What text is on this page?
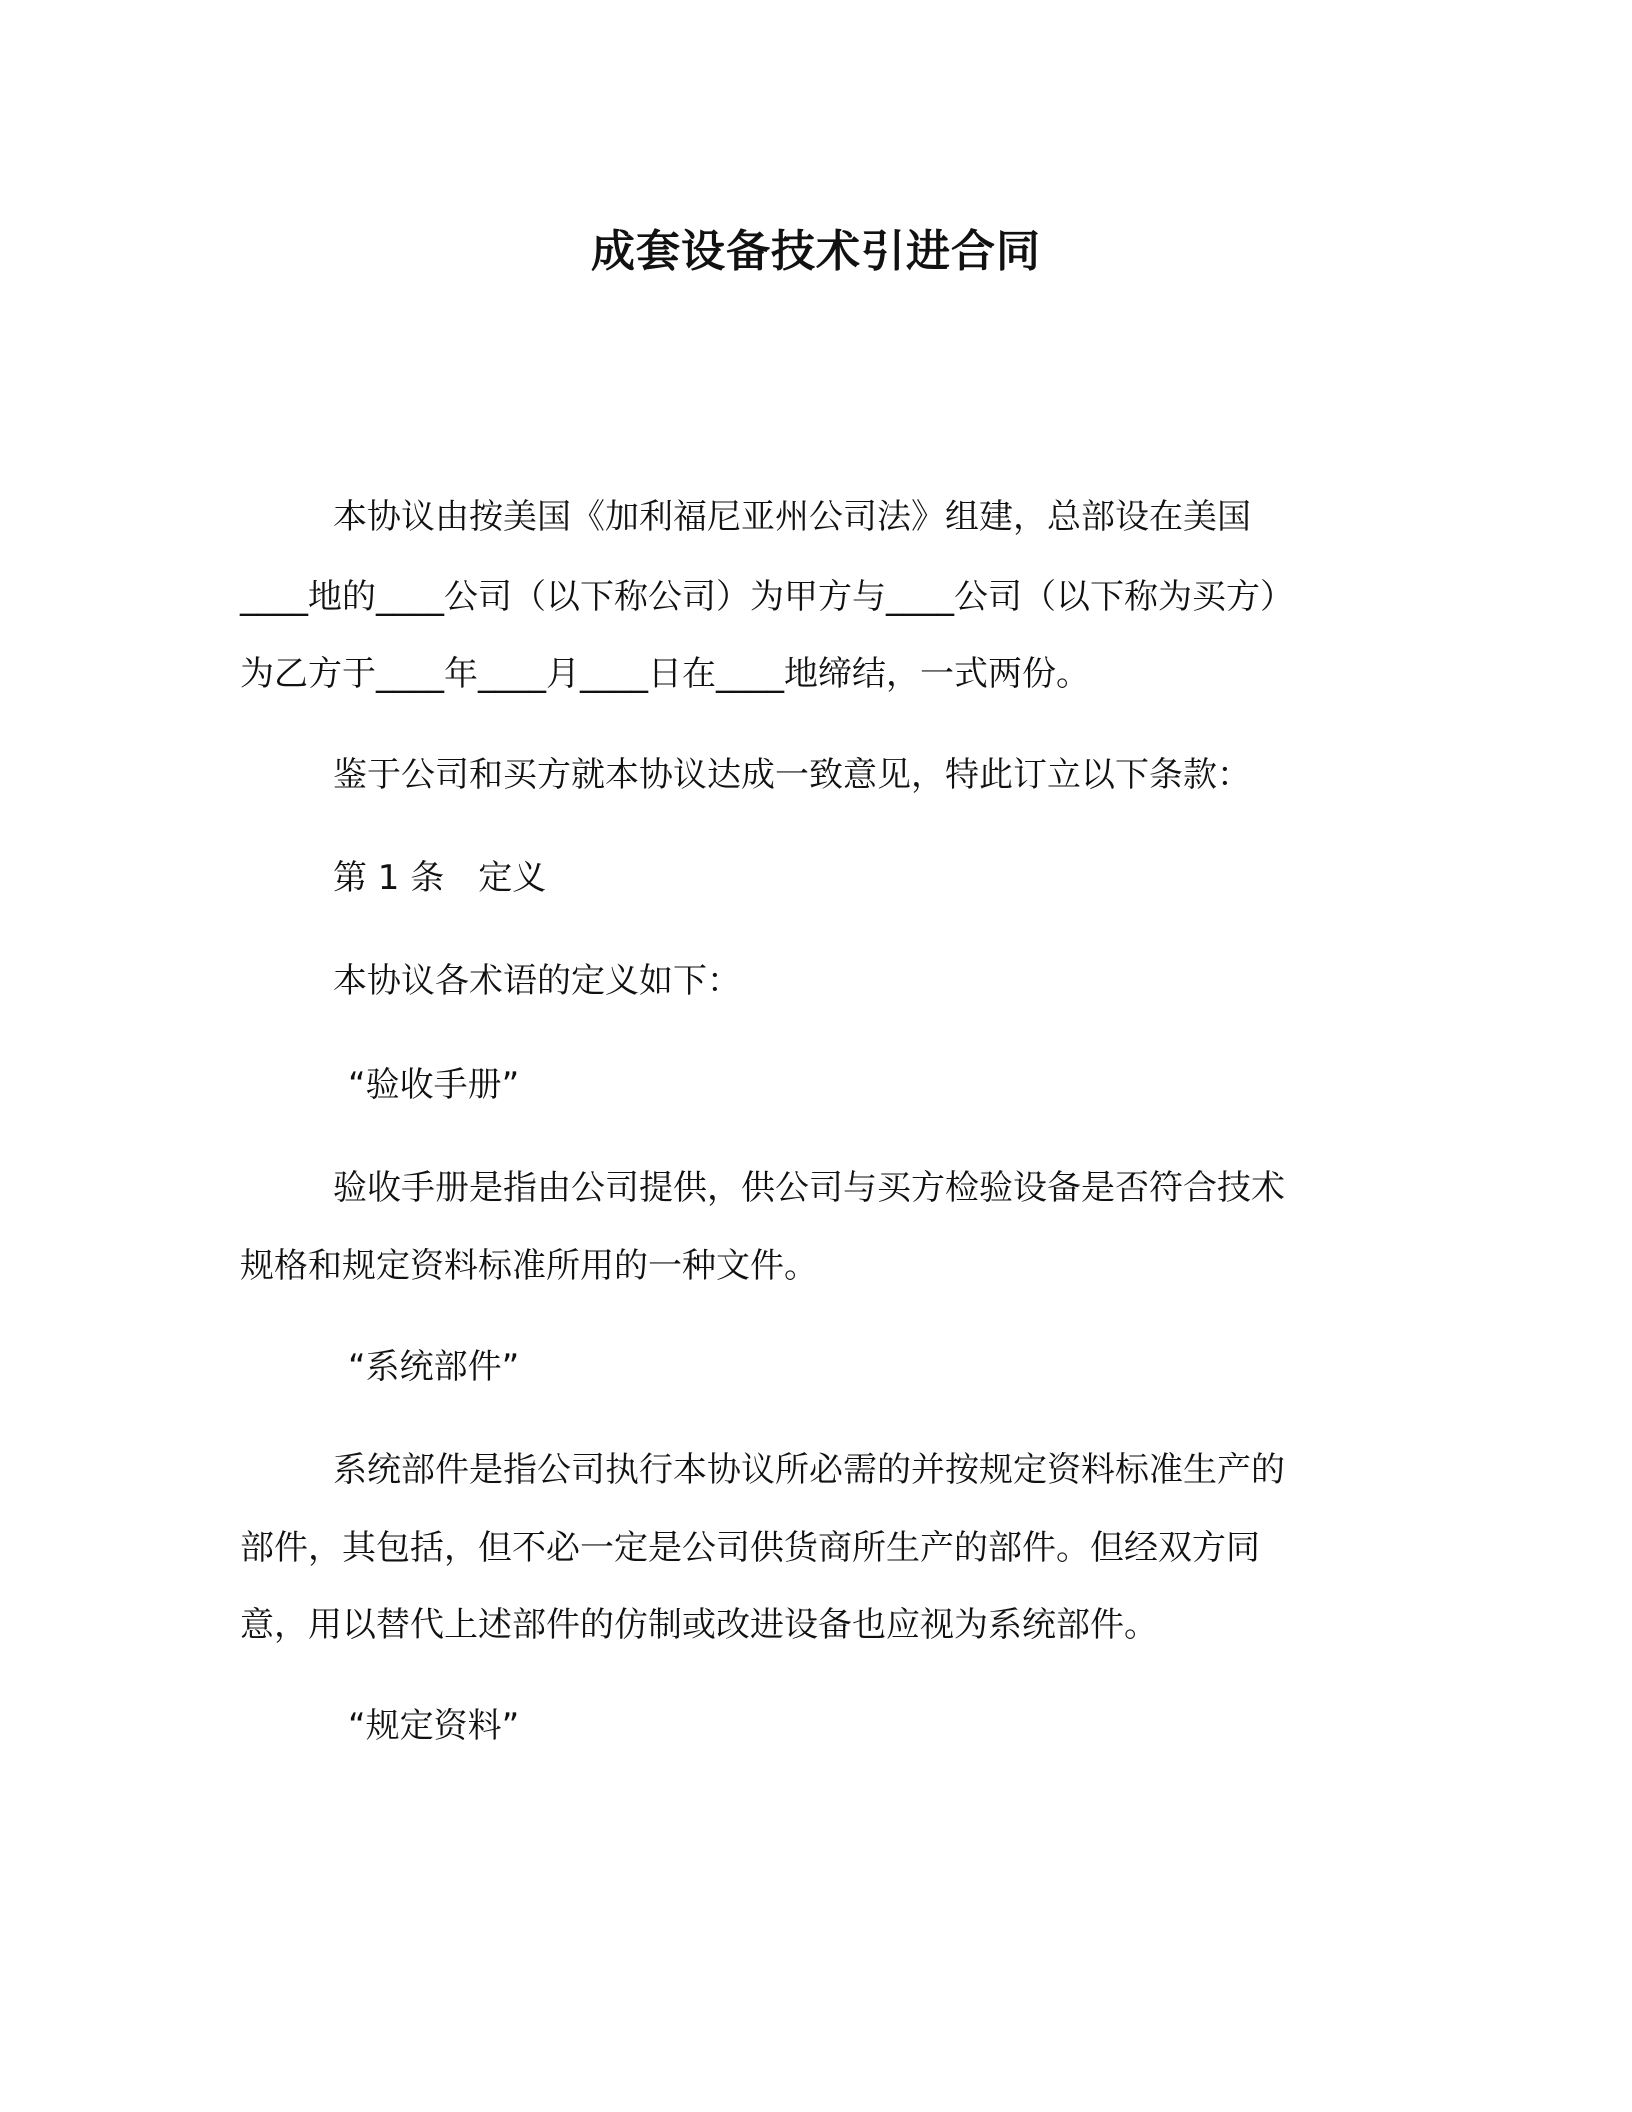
成套设备技术引进合同

本协议由按美国《加利福尼亚州公司法》组建，总部设在美国

____地的____公司（以下称公司）为甲方与____公司（以下称为买方）

为乙方于____年____月____日在____地缔结，一式两份。

鉴于公司和买方就本协议达成一致意见，特此订立以下条款：

第 1 条　定义

本协议各术语的定义如下：

“验收手册”

验收手册是指由公司提供，供公司与买方检验设备是否符合技术

规格和规定资料标准所用的一种文件。

“系统部件”

系统部件是指公司执行本协议所必需的并按规定资料标准生产的

部件，其包括，但不必一定是公司供货商所生产的部件。但经双方同

意，用以替代上述部件的仿制或改进设备也应视为系统部件。

“规定资料”
